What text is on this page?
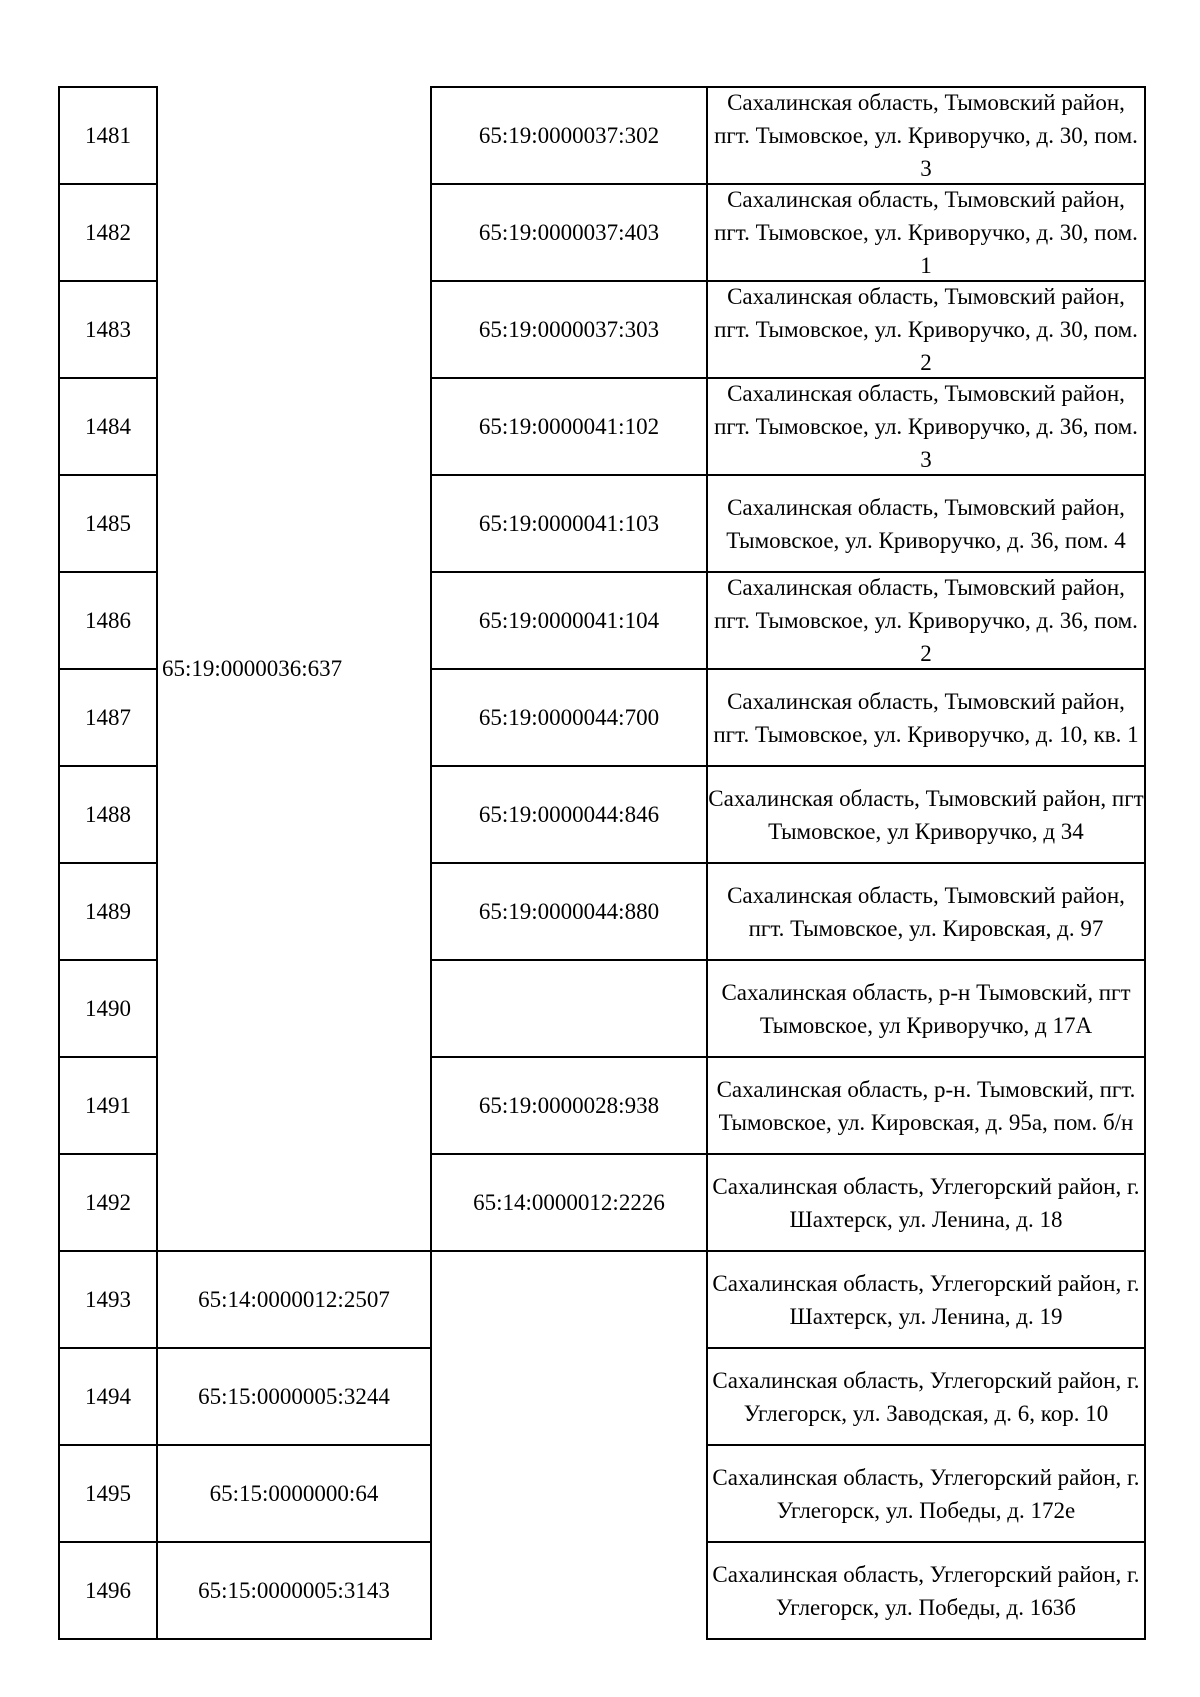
1481
1482
1483
1484
1485
1486
1487
1488
1489
1490
1491
1492
1493
1494
1495
1496
65:19:0000036:637
65:14:0000012:2507
65:15:0000005:3244
65:15:0000000:64
65:15:0000005:3143
65:19:0000037:302
65:19:0000037:403
65:19:0000037:303
65:19:0000041:102
65:19:0000041:103
65:19:0000041:104
65:19:0000044:700
65:19:0000044:846
65:19:0000044:880
65:19:0000028:938
65:14:0000012:2226
Сахалинская область, Тымовский район, пгт. Тымовское, ул. Криворучко, д. 30, пом. 3
Сахалинская область, Тымовский район, пгт. Тымовское, ул. Криворучко, д. 30, пом. 1
Сахалинская область, Тымовский район, пгт. Тымовское, ул. Криворучко, д. 30, пом. 2
Сахалинская область, Тымовский район, пгт. Тымовское, ул. Криворучко, д. 36, пом. 3
Сахалинская область, Тымовский район, Тымовское, ул. Криворучко, д. 36, пом. 4
Сахалинская область, Тымовский район, пгт. Тымовское, ул. Криворучко, д. 36, пом. 2
Сахалинская область, Тымовский район, пгт. Тымовское, ул. Криворучко, д. 10, кв. 1
Сахалинская область, Тымовский район, пгт Тымовское, ул Криворучко, д 34
Сахалинская область, Тымовский район, пгт. Тымовское, ул. Кировская, д. 97
Сахалинская область, р-н Тымовский, пгт Тымовское, ул Криворучко, д 17А
Сахалинская область, р-н. Тымовский, пгт. Тымовское, ул. Кировская, д. 95а, пом. б/н
Сахалинская область, Углегорский район, г. Шахтерск, ул. Ленина, д. 18
Сахалинская область, Углегорский район, г. Шахтерск, ул. Ленина, д. 19
Сахалинская область, Углегорский район, г. Углегорск, ул. Заводская, д. 6, кор. 10
Сахалинская область, Углегорский район, г. Углегорск, ул. Победы, д. 172е
Сахалинская область, Углегорский район, г. Углегорск, ул. Победы, д. 163б
